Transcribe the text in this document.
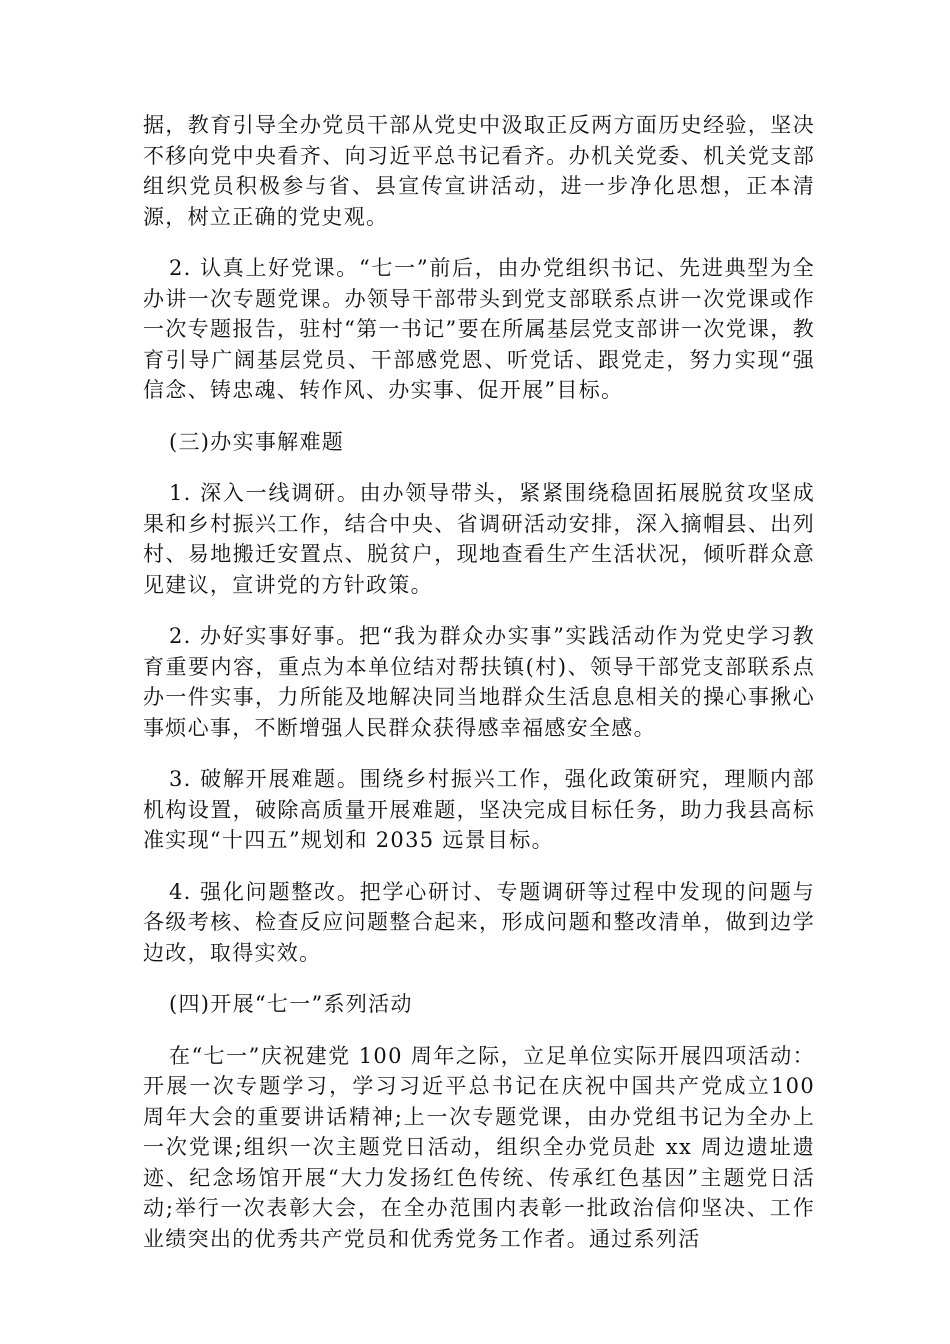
据，教育引导全办党员干部从党史中汲取正反两方面历史经验，坚决不移向党中央看齐、向习近平总书记看齐。办机关党委、机关党支部组织党员积极参与省、县宣传宣讲活动，进一步净化思想，正本清源，树立正确的党史观。

2. 认真上好党课。“七一”前后，由办党组织书记、先进典型为全办讲一次专题党课。办领导干部带头到党支部联系点讲一次党课或作一次专题报告，驻村“第一书记”要在所属基层党支部讲一次党课，教育引导广阔基层党员、干部感党恩、听党话、跟党走，努力实现“强信念、铸忠魂、转作风、办实事、促开展”目标。

(三)办实事解难题

1. 深入一线调研。由办领导带头，紧紧围绕稳固拓展脱贫攻坚成果和乡村振兴工作，结合中央、省调研活动安排，深入摘帽县、出列村、易地搬迁安置点、脱贫户，现地查看生产生活状况，倾听群众意见建议，宣讲党的方针政策。

2. 办好实事好事。把“我为群众办实事”实践活动作为党史学习教育重要内容，重点为本单位结对帮扶镇(村)、领导干部党支部联系点办一件实事，力所能及地解决同当地群众生活息息相关的操心事揪心事烦心事，不断增强人民群众获得感幸福感安全感。

3. 破解开展难题。围绕乡村振兴工作，强化政策研究，理顺内部机构设置，破除高质量开展难题，坚决完成目标任务，助力我县高标准实现“十四五”规划和 2035 远景目标。

4. 强化问题整改。把学心研讨、专题调研等过程中发现的问题与各级考核、检查反应问题整合起来，形成问题和整改清单，做到边学边改，取得实效。

(四)开展“七一”系列活动

在“七一”庆祝建党 100 周年之际，立足单位实际开展四项活动：开展一次专题学习，学习习近平总书记在庆祝中国共产党成立100 周年大会的重要讲话精神;上一次专题党课，由办党组书记为全办上一次党课;组织一次主题党日活动，组织全办党员赴 xx 周边遗址遗迹、纪念场馆开展“大力发扬红色传统、传承红色基因”主题党日活动;举行一次表彰大会，在全办范围内表彰一批政治信仰坚决、工作业绩突出的优秀共产党员和优秀党务工作者。通过系列活
